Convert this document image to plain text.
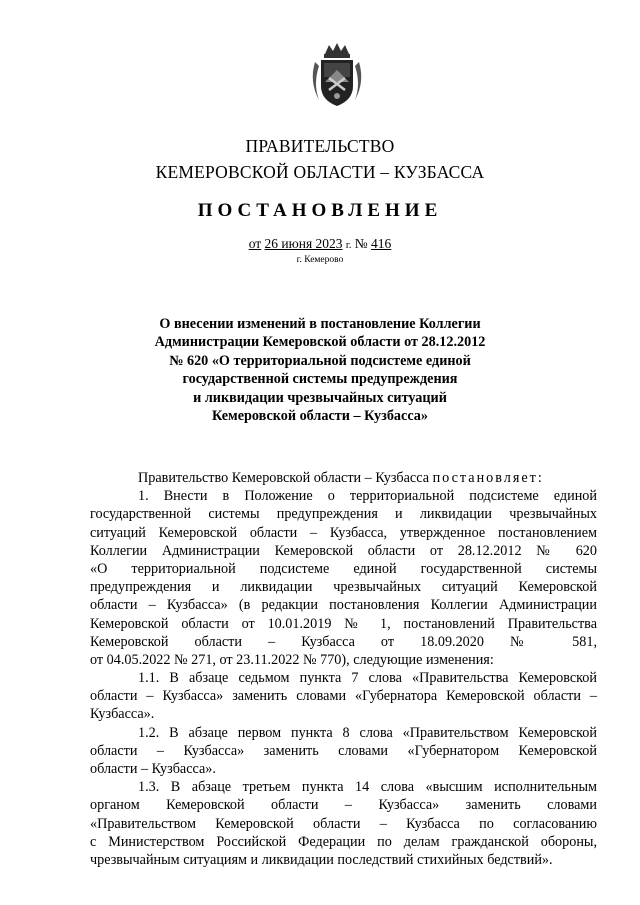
ПРАВИТЕЛЬСТВО
КЕМЕРОВСКОЙ ОБЛАСТИ – КУЗБАССА
ПОСТАНОВЛЕНИЕ
от 26 июня 2023 г. № 416
г. Кемерово
О внесении изменений в постановление Коллегии
Администрации Кемеровской области от 28.12.2012
№ 620 «О территориальной подсистеме единой
государственной системы предупреждения
и ликвидации чрезвычайных ситуаций
Кемеровской области – Кузбасса»
Правительство Кемеровской области – Кузбасса постановляет:
1. Внести в Положение о территориальной подсистеме единой
государственной системы предупреждения и ликвидации чрезвычайных
ситуаций Кемеровской области – Кузбасса, утвержденное постановлением
Коллегии Администрации Кемеровской области от 28.12.2012 № 620
«О территориальной подсистеме единой государственной системы
предупреждения и ликвидации чрезвычайных ситуаций Кемеровской
области – Кузбасса» (в редакции постановления Коллегии Администрации
Кемеровской области от 10.01.2019 № 1, постановлений Правительства
Кемеровской области – Кузбасса от 18.09.2020 № 581,
от 04.05.2022 № 271, от 23.11.2022 № 770), следующие изменения:
1.1. В абзаце седьмом пункта 7 слова «Правительства Кемеровской
области – Кузбасса» заменить словами «Губернатора Кемеровской области –
Кузбасса».
1.2. В абзаце первом пункта 8 слова «Правительством Кемеровской
области – Кузбасса» заменить словами «Губернатором Кемеровской
области – Кузбасса».
1.3. В абзаце третьем пункта 14 слова «высшим исполнительным
органом Кемеровской области – Кузбасса» заменить словами
«Правительством Кемеровской области – Кузбасса по согласованию
с Министерством Российской Федерации по делам гражданской обороны,
чрезвычайным ситуациям и ликвидации последствий стихийных бедствий».
